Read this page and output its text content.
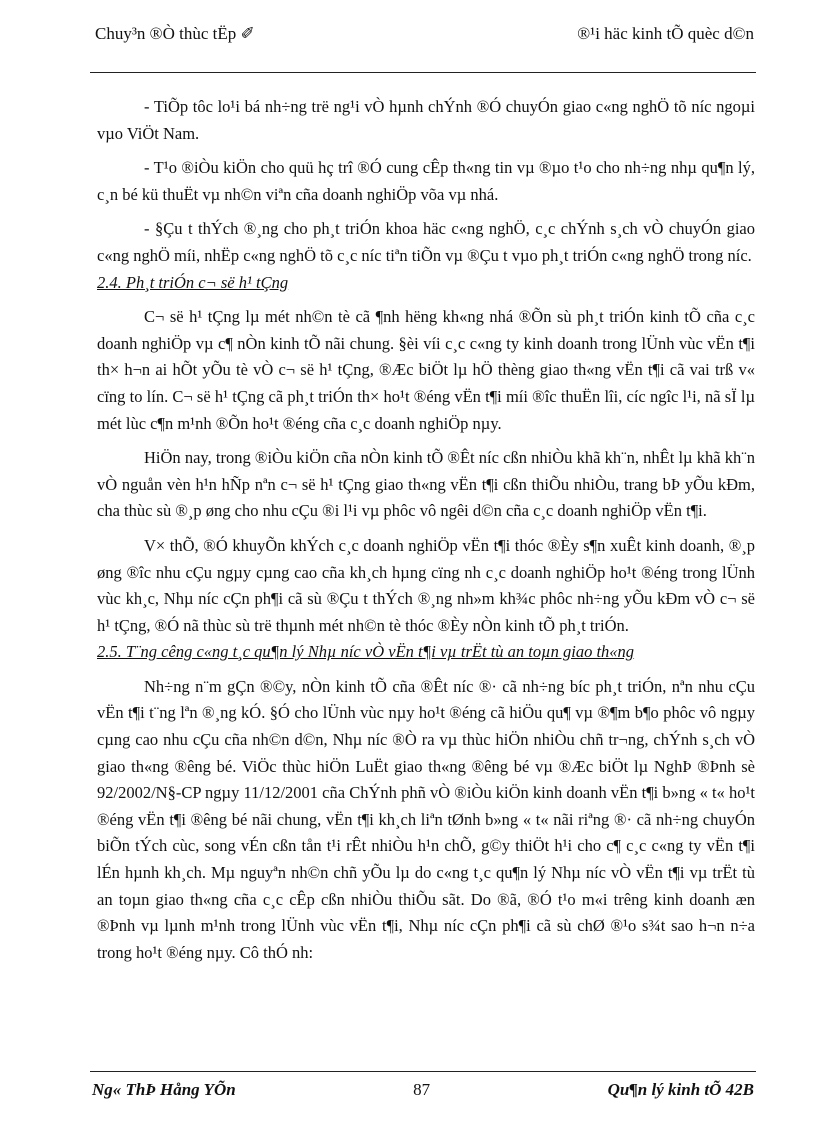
Chuy³n ®Ò thùc tËp ✐	®¹i häc kinh tÕ quèc d©n

- TiÕp tôc lo¹i bá nh÷ng trë ng¹i vÒ hµnh chÝnh ®Ó chuyÓn giao c«ng nghÖ tõ níc ngoµi vµo ViÖt Nam.

- T¹o ®iÒu kiÖn cho quü hç trî ®Ó cung cÊp th«ng tin vµ ®µo t¹o cho nh÷ng nhµ qu¶n lý, c¸n bé kü thuËt vµ nh©n viªn cña doanh nghiÖp võa vµ nhá.

- §Çu t thÝch ®¸ng cho ph¸t triÓn khoa häc c«ng nghÖ, c¸c chÝnh s¸ch vÒ chuyÓn giao c«ng nghÖ míi, nhËp c«ng nghÖ tõ c¸c níc tiªn tiÕn vµ ®Çu t vµo ph¸t triÓn c«ng nghÖ trong níc.

2.4. Ph¸t triÓn c¬ së h¹ tÇng

C¬ së h¹ tÇng lµ mét nh©n tè cã ¶nh hëng kh«ng nhá ®Õn sù ph¸t triÓn kinh tÕ cña c¸c doanh nghiÖp vµ c¶ nÒn kinh tÕ nãi chung. §èi víi c¸c c«ng ty kinh doanh trong lÜnh vùc vËn t¶i th× h¬n ai hÕt yÕu tè vÒ c¬ së h¹ tÇng, ®Æc biÖt lµ hÖ thèng giao th«ng vËn t¶i cã vai trß v« cïng to lín. C¬ së h¹ tÇng cã ph¸t triÓn th× ho¹t ®éng vËn t¶i míi ®îc thuËn lîi, cíc ngîc l¹i, nã sÏ lµ mét lùc c¶n m¹nh ®Õn ho¹t ®éng cña c¸c doanh nghiÖp nµy.

HiÖn nay, trong ®iÒu kiÖn cña nÒn kinh tÕ ®Êt níc cßn nhiÒu khã kh¨n, nhÊt lµ khã kh¨n vÒ nguån vèn h¹n hÑp nªn c¬ së h¹ tÇng giao th«ng vËn t¶i cßn thiÕu nhiÒu, trang bÞ yÕu kÐm, cha thùc sù ®¸p øng cho nhu cÇu ®i l¹i vµ phôc vô ngêi d©n cña c¸c doanh nghiÖp vËn t¶i.

V× thÕ, ®Ó khuyÕn khÝch c¸c doanh nghiÖp vËn t¶i thóc ®Èy s¶n xuÊt kinh doanh, ®¸p øng ®îc nhu cÇu ngµy cµng cao cña kh¸ch hµng cïng nh c¸c doanh nghiÖp ho¹t ®éng trong lÜnh vùc kh¸c, Nhµ níc cÇn ph¶i cã sù ®Çu t thÝch ®¸ng nh»m kh¾c phôc nh÷ng yÕu kÐm vÒ c¬ së h¹ tÇng, ®Ó nã thùc sù trë thµnh mét nh©n tè thóc ®Èy nÒn kinh tÕ ph¸t triÓn.

2.5. T¨ng cêng c«ng t¸c qu¶n lý Nhµ níc vÒ vËn t¶i vµ trËt tù an toµn giao th«ng

Nh÷ng n¨m gÇn ®©y, nÒn kinh tÕ cña ®Êt níc ®· cã nh÷ng bíc ph¸t triÓn, nªn nhu cÇu vËn t¶i t¨ng lªn ®¸ng kÓ. §Ó cho lÜnh vùc nµy ho¹t ®éng cã hiÖu qu¶ vµ ®¶m b¶o phôc vô ngµy cµng cao nhu cÇu cña nh©n d©n, Nhµ níc ®Ò ra vµ thùc hiÖn nhiÒu chñ tr¬ng, chÝnh s¸ch vÒ giao th«ng ®êng bé. ViÖc thùc hiÖn LuËt giao th«ng ®êng bé vµ ®Æc biÖt lµ NghÞ ®Þnh sè 92/2002/N§-CP ngµy 11/12/2001 cña ChÝnh phñ vÒ ®iÒu kiÖn kinh doanh vËn t¶i b»ng « t« ho¹t ®éng vËn t¶i ®êng bé nãi chung, vËn t¶i kh¸ch liªn tØnh b»ng « t« nãi riªng ®· cã nh÷ng chuyÓn biÕn tÝch cùc, song vÉn cßn tån t¹i rÊt nhiÒu h¹n chÕ, g©y thiÖt h¹i cho c¶ c¸c c«ng ty vËn t¶i lÉn hµnh kh¸ch. Mµ nguyªn nh©n chñ yÕu lµ do c«ng t¸c qu¶n lý Nhµ níc vÒ vËn t¶i vµ trËt tù an toµn giao th«ng cña c¸c cÊp cßn nhiÒu thiÕu sãt. Do ®ã, ®Ó t¹o m«i trêng kinh doanh æn ®Þnh vµ lµnh m¹nh trong lÜnh vùc vËn t¶i, Nhµ níc cÇn ph¶i cã sù chØ ®¹o s¾t sao h¬n n÷a trong ho¹t ®éng nµy. Cô thÓ nh:

Ng« ThÞ Hång YÕn	87	Qu¶n lý kinh tÕ 42B
